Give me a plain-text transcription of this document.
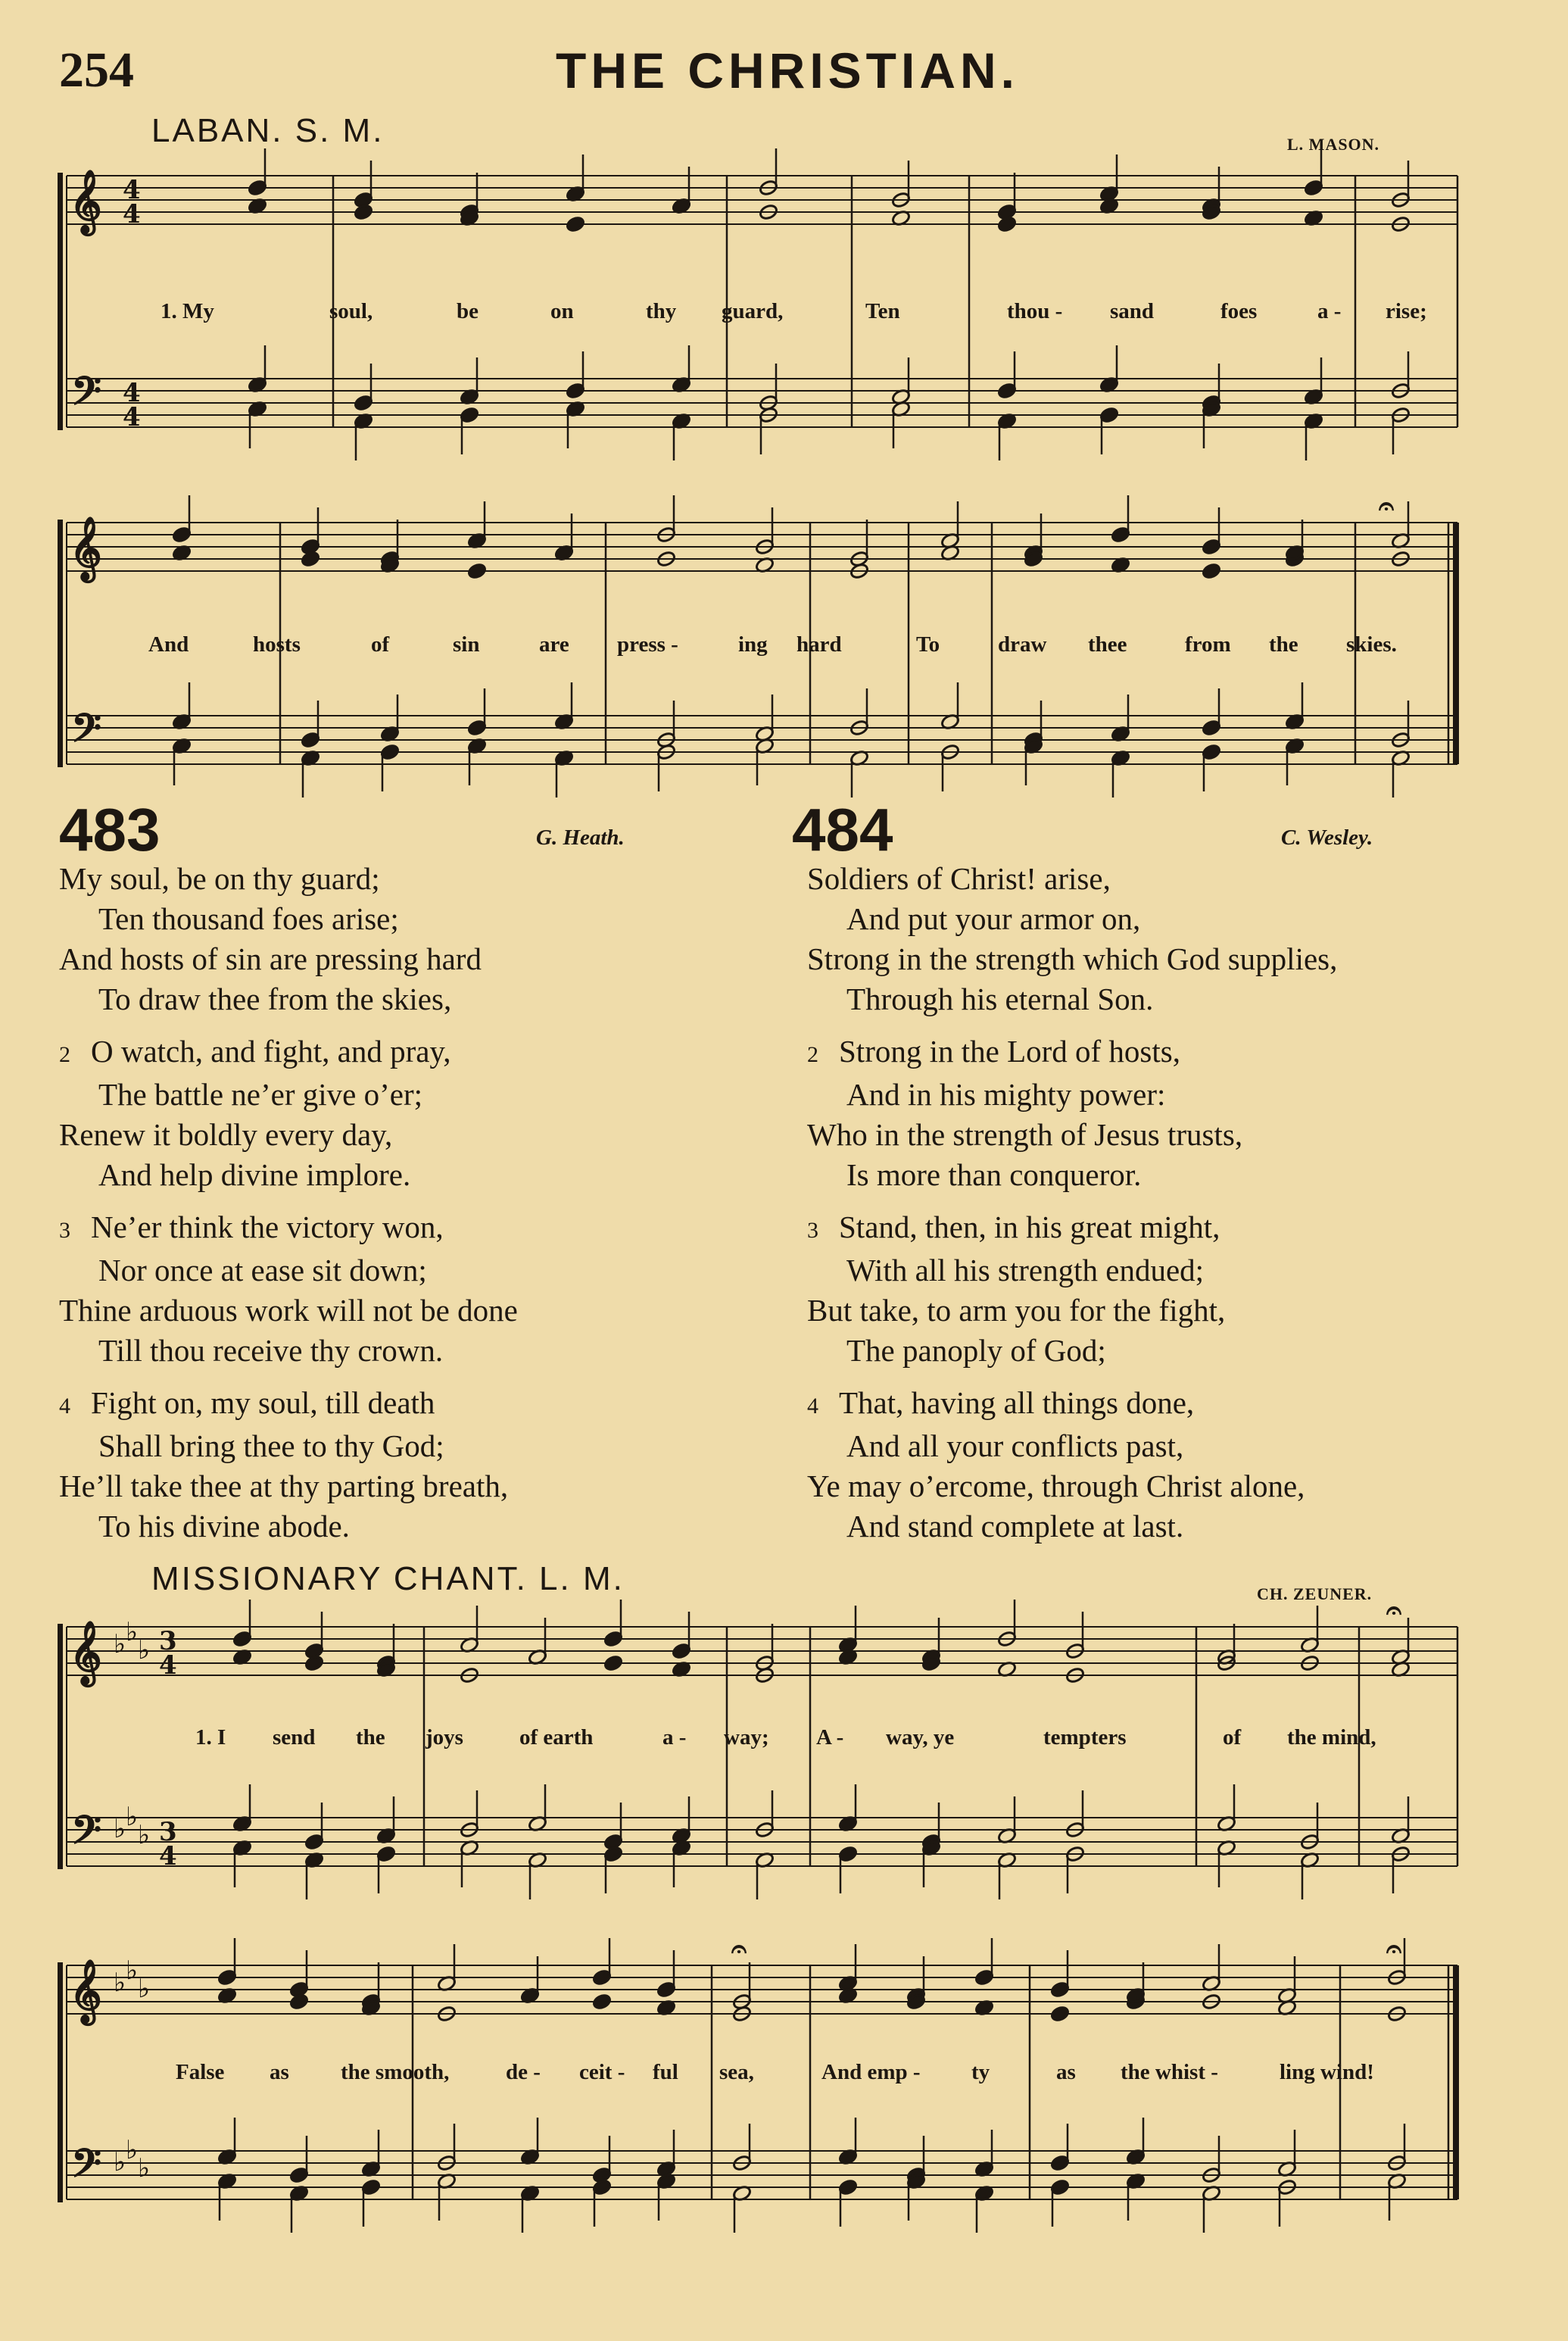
254	THE CHRISTIAN.
LABAN. S. M.	L. MASON.
𝄞
𝄢
4
4
4
4
𝄞
𝄢
𝄐
𝄞
𝄢
♭
♭
♭
♭
♭
♭
3
4
3
4
𝄐
𝄞
𝄢
♭
♭
♭
♭
♭
♭
𝄐	𝄐
1. My	soul,	be	on	thy guard,	Ten	thou - sand	foes	a - rise;
And	hosts	of	sin	are press -	ing hard	To	draw thee	from the skies.
483	G. Heath.
My soul, be on thy guard;
Ten thousand foes arise;
And hosts of sin are pressing hard
To draw thee from the skies,
2 O watch, and fight, and pray,
The battle ne’er give o’er;
Renew it boldly every day,
And help divine implore.
3 Ne’er think the victory won,
Nor once at ease sit down;
Thine arduous work will not be done
Till thou receive thy crown.
4 Fight on, my soul, till death
Shall bring thee to thy God;
He’ll take thee at thy parting breath,
To his divine abode.
484	C. Wesley.
Soldiers of Christ! arise,
And put your armor on,
Strong in the strength which God supplies,
Through his eternal Son.
2 Strong in the Lord of hosts,
And in his mighty power:
Who in the strength of Jesus trusts,
Is more than conqueror.
3 Stand, then, in his great might,
With all his strength endued;
But take, to arm you for the fight,
The panoply of God;
4 That, having all things done,
And all your conflicts past,
Ye may o’ercome, through Christ alone,
And stand complete at last.
MISSIONARY CHANT. L. M.	CH. ZEUNER.
1. I send the joys	of earth	a - way; A - way, ye	tempters	of the mind,
False as the smooth,	de - ceit - ful sea,	And emp - ty	as the whist -	ling wind!
